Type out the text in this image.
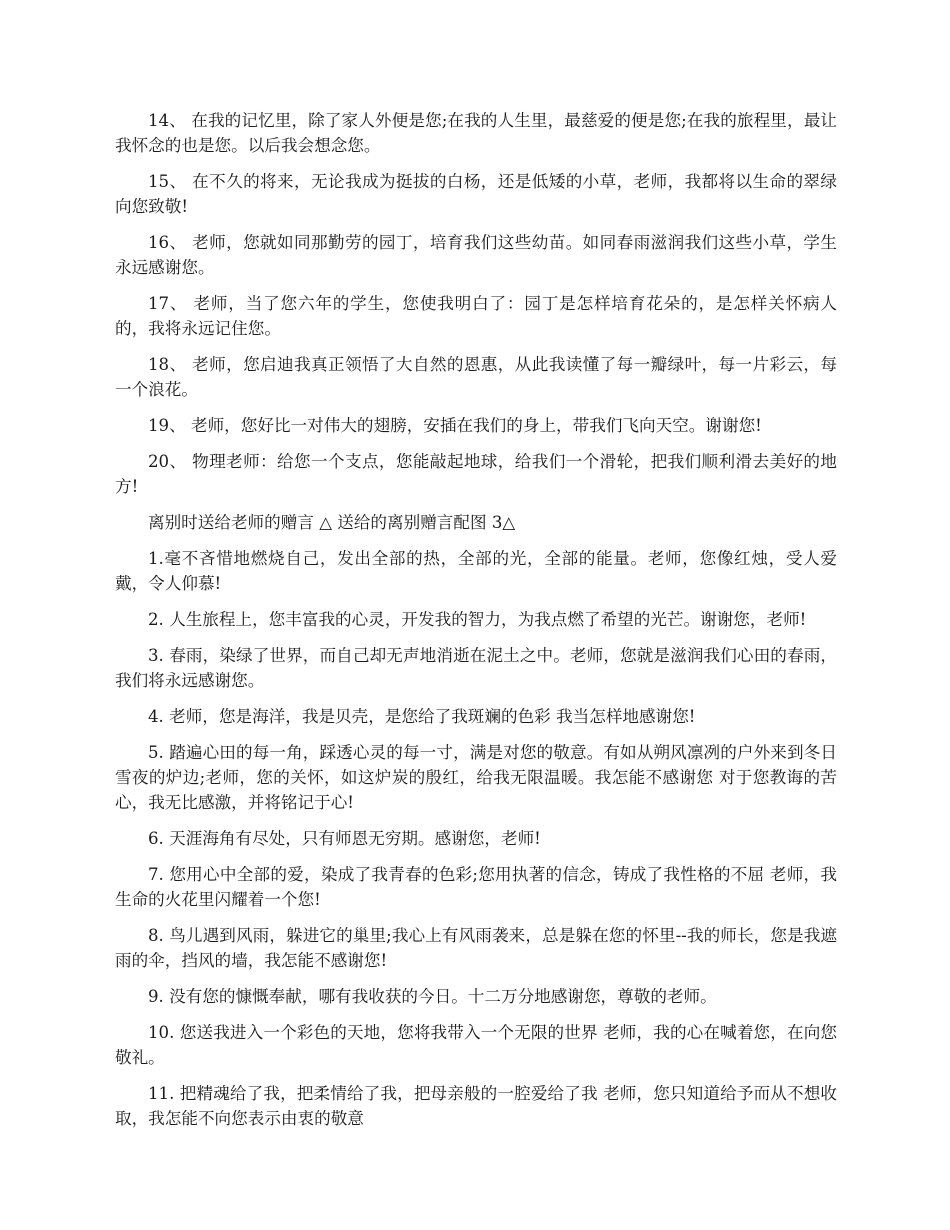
14、 在我的记忆里，除了家人外便是您;在我的人生里，最慈爱的便是您;在我的旅程里，最让我怀念的也是您。以后我会想念您。

15、 在不久的将来，无论我成为挺拔的白杨，还是低矮的小草，老师，我都将以生命的翠绿向您致敬!

16、 老师，您就如同那勤劳的园丁，培育我们这些幼苗。如同春雨滋润我们这些小草，学生永远感谢您。

17、 老师，当了您六年的学生，您使我明白了：园丁是怎样培育花朵的，是怎样关怀病人的，我将永远记住您。

18、 老师，您启迪我真正领悟了大自然的恩惠，从此我读懂了每一瓣绿叶，每一片彩云，每一个浪花。

19、 老师，您好比一对伟大的翅膀，安插在我们的身上，带我们飞向天空。谢谢您!

20、 物理老师：给您一个支点，您能敲起地球，给我们一个滑轮，把我们顺利滑去美好的地方!

离别时送给老师的赠言 △ 送给的离别赠言配图 3△

1.毫不吝惜地燃烧自己，发出全部的热，全部的光，全部的能量。老师，您像红烛，受人爱戴，令人仰慕!

2. 人生旅程上，您丰富我的心灵，开发我的智力，为我点燃了希望的光芒。谢谢您，老师!

3. 春雨，染绿了世界，而自己却无声地消逝在泥土之中。老师，您就是滋润我们心田的春雨，我们将永远感谢您。

4. 老师，您是海洋，我是贝壳，是您给了我斑斓的色彩 我当怎样地感谢您!

5. 踏遍心田的每一角，踩透心灵的每一寸，满是对您的敬意。有如从朔风凛冽的户外来到冬日雪夜的炉边;老师，您的关怀，如这炉炭的殷红，给我无限温暖。我怎能不感谢您 对于您教诲的苦心，我无比感激，并将铭记于心!

6. 天涯海角有尽处，只有师恩无穷期。感谢您，老师!

7. 您用心中全部的爱，染成了我青春的色彩;您用执著的信念，铸成了我性格的不屈 老师，我生命的火花里闪耀着一个您!

8. 鸟儿遇到风雨，躲进它的巢里;我心上有风雨袭来，总是躲在您的怀里--我的师长，您是我遮雨的伞，挡风的墙，我怎能不感谢您!

9. 没有您的慷慨奉献，哪有我收获的今日。十二万分地感谢您，尊敬的老师。

10. 您送我进入一个彩色的天地，您将我带入一个无限的世界 老师，我的心在喊着您，在向您敬礼。

11. 把精魂给了我，把柔情给了我，把母亲般的一腔爱给了我 老师，您只知道给予而从不想收取，我怎能不向您表示由衷的敬意
